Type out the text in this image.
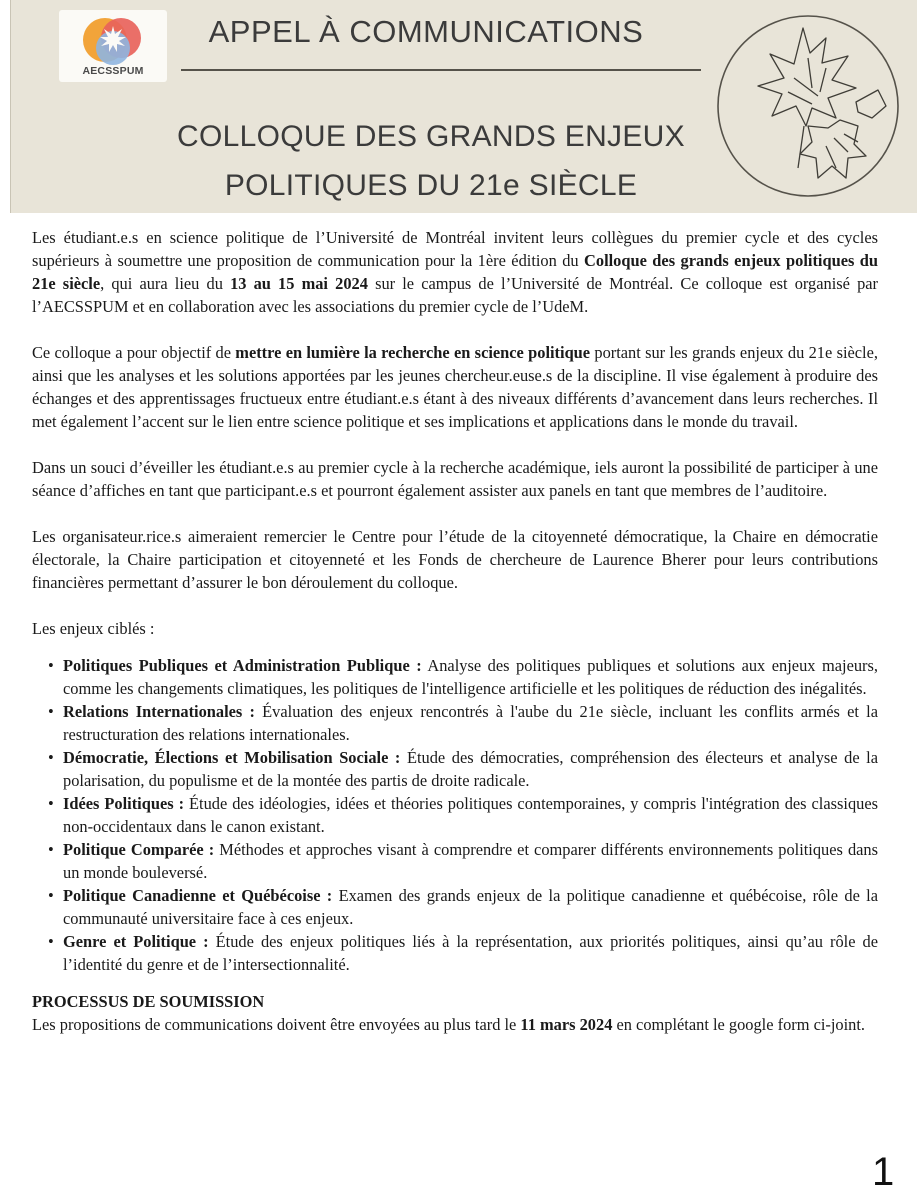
AECSSPUM
APPEL À COMMUNICATIONS
COLLOQUE DES GRANDS ENJEUX
POLITIQUES DU 21e SIÈCLE

Les étudiant.e.s en science politique de l’Université de Montréal invitent leurs collègues du premier cycle et des cycles supérieurs à soumettre une proposition de communication pour la 1ère édition du Colloque des grands enjeux politiques du 21e siècle, qui aura lieu du 13 au 15 mai 2024 sur le campus de l’Université de Montréal. Ce colloque est organisé par l’AECSSPUM et en collaboration avec les associations du premier cycle de l’UdeM.

Ce colloque a pour objectif de mettre en lumière la recherche en science politique portant sur les grands enjeux du 21e siècle, ainsi que les analyses et les solutions apportées par les jeunes chercheur.euse.s de la discipline. Il vise également à produire des échanges et des apprentissages fructueux entre étudiant.e.s étant à des niveaux différents d’avancement dans leurs recherches. Il met également l’accent sur le lien entre science politique et ses implications et applications dans le monde du travail.

Dans un souci d’éveiller les étudiant.e.s au premier cycle à la recherche académique, iels auront la possibilité de participer à une séance d’affiches en tant que participant.e.s et pourront également assister aux panels en tant que membres de l’auditoire.

Les organisateur.rice.s aimeraient remercier le Centre pour l’étude de la citoyenneté démocratique, la Chaire en démocratie électorale, la Chaire participation et citoyenneté et les Fonds de chercheure de Laurence Bherer pour leurs contributions financières permettant d’assurer le bon déroulement du colloque.

Les enjeux ciblés :

• Politiques Publiques et Administration Publique : Analyse des politiques publiques et solutions aux enjeux majeurs, comme les changements climatiques, les politiques de l'intelligence artificielle et les politiques de réduction des inégalités.
• Relations Internationales : Évaluation des enjeux rencontrés à l'aube du 21e siècle, incluant les conflits armés et la restructuration des relations internationales.
• Démocratie, Élections et Mobilisation Sociale : Étude des démocraties, compréhension des électeurs et analyse de la polarisation, du populisme et de la montée des partis de droite radicale.
• Idées Politiques : Étude des idéologies, idées et théories politiques contemporaines, y compris l'intégration des classiques non-occidentaux dans le canon existant.
• Politique Comparée : Méthodes et approches visant à comprendre et comparer différents environnements politiques dans un monde bouleversé.
• Politique Canadienne et Québécoise : Examen des grands enjeux de la politique canadienne et québécoise, rôle de la communauté universitaire face à ces enjeux.
• Genre et Politique : Étude des enjeux politiques liés à la représentation, aux priorités politiques, ainsi qu’au rôle de l’identité du genre et de l’intersectionnalité.
PROCESSUS DE SOUMISSION

Les propositions de communications doivent être envoyées au plus tard le 11 mars 2024 en complétant le google form ci-joint.

1
